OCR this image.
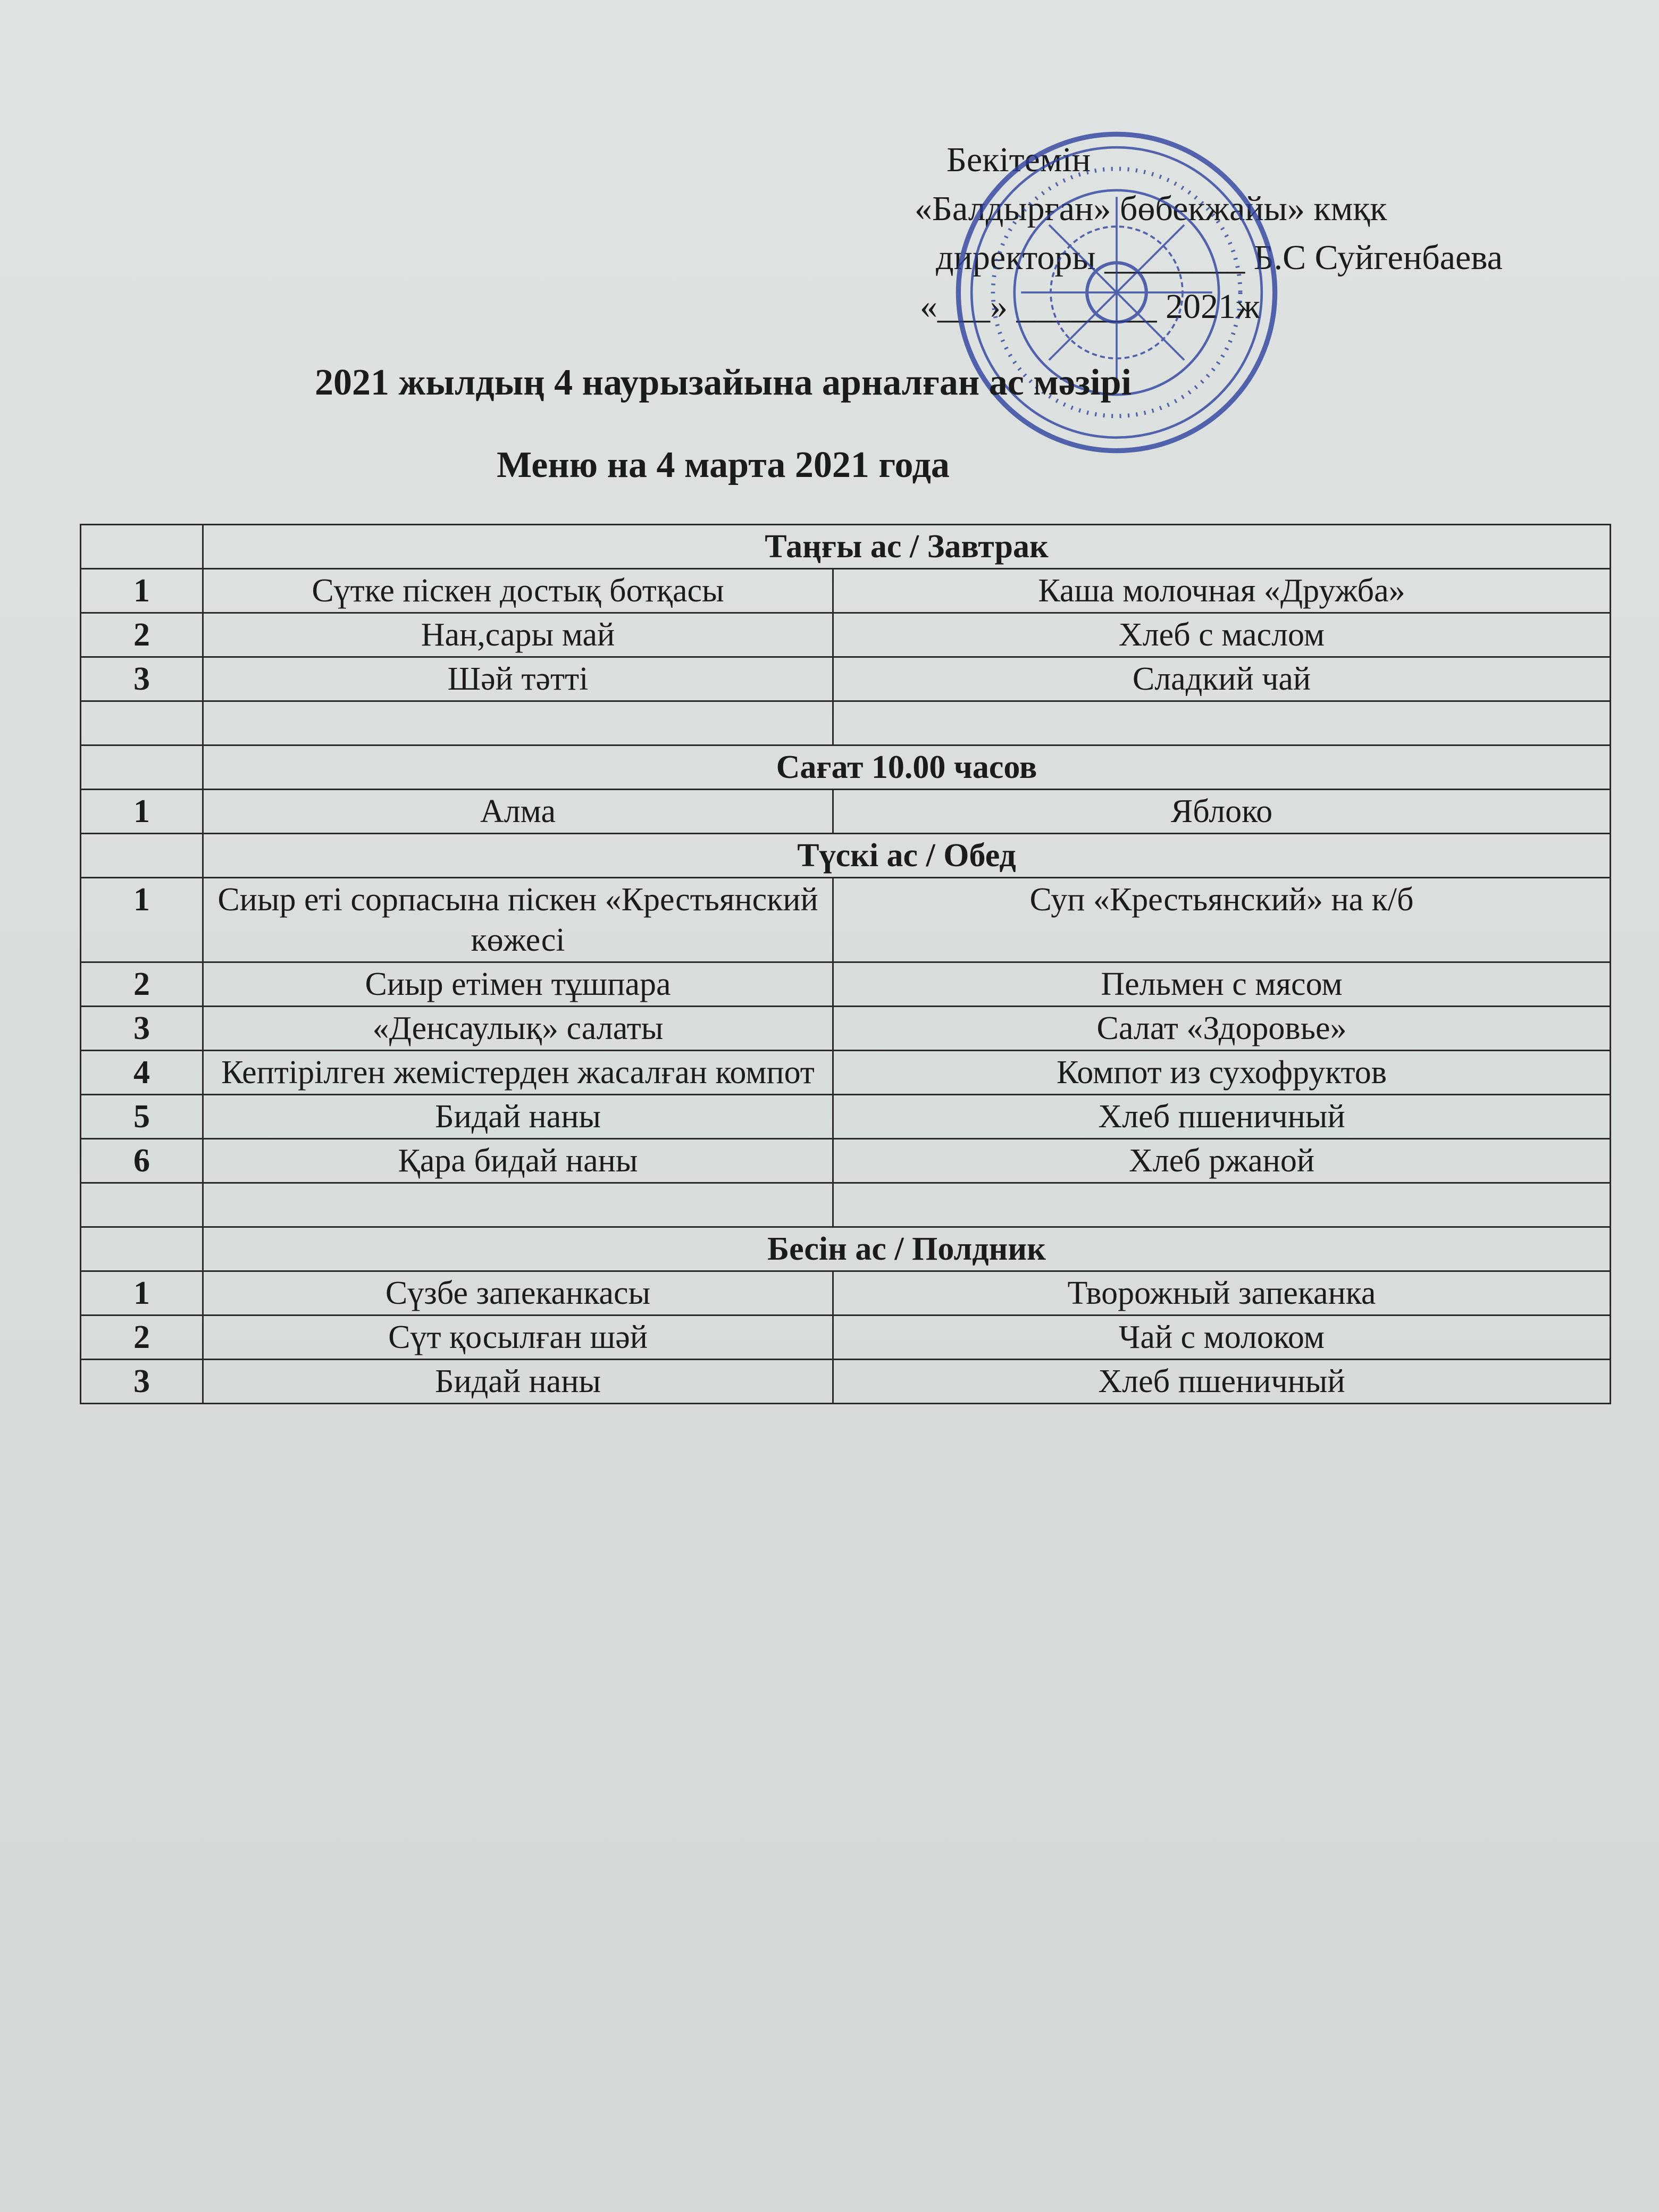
Бекітемін
«Балдырған» бөбекжайы» кмқк
директоры ________ Б.С Суйгенбаева
«___» ________ 2021ж
2021 жылдың 4 наурызайына арналған ас мәзірі
Меню на 4 марта 2021 года
	Таңғы ас / Завтрак	
1	Сүтке піскен достық ботқасы	Каша молочная «Дружба»
2	Нан,сары май	Хлеб с маслом
3	Шәй тәтті	Сладкий чай

	Сағат 10.00 часов	
1	Алма	Яблоко
	Түскі ас / Обед	
1	Сиыр еті сорпасына піскен «Крестьянский көжесі	Суп «Крестьянский» на к/б
2	Сиыр етімен тұшпара	Пельмен с мясом
3	«Денсаулық» салаты	Салат «Здоровье»
4	Кептірілген жемістерден жасалған компот	Компот из сухофруктов
5	Бидай наны	Хлеб пшеничный
6	Қара бидай наны	Хлеб ржаной

	Бесін ас / Полдник	
1	Сүзбе запеканкасы	Творожный запеканка
2	Сүт қосылған шәй	Чай с молоком
3	Бидай наны	Хлеб пшеничный
